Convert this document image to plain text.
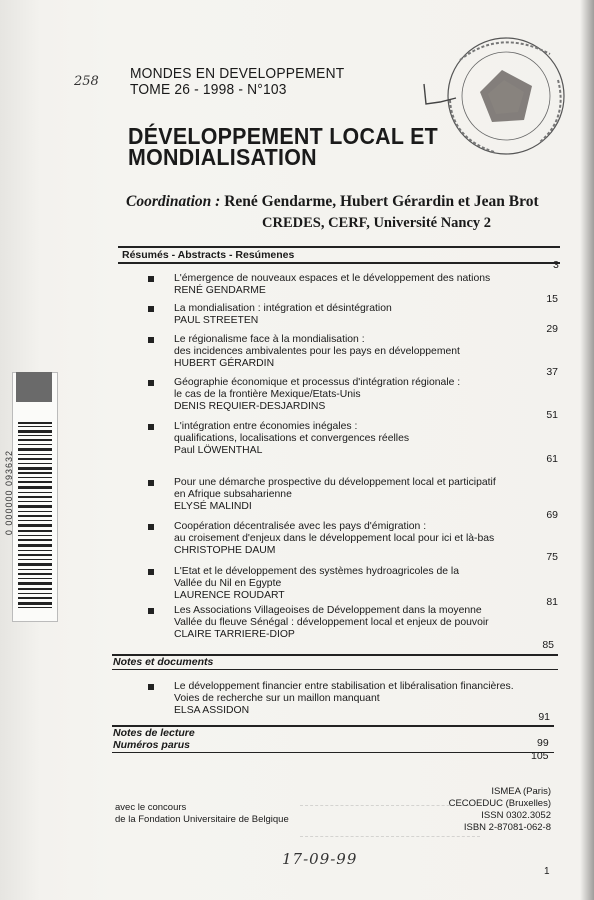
258 MONDES EN DEVELOPPEMENT
TOME 26 - 1998 - N°103
DÉVELOPPEMENT LOCAL ET
MONDIALISATION
Coordination : René Gendarme, Hubert Gérardin et Jean Brot
CREDES, CERF, Université Nancy 2
Résumés - Abstracts - Resúmenes
3
L'émergence de nouveaux espaces et le développement des nations
RENÉ GENDARME
15
La mondialisation : intégration et désintégration
PAUL STREETEN
29
Le régionalisme face à la mondialisation :
des incidences ambivalentes pour les pays en développement
HUBERT GÉRARDIN
37
Géographie économique et processus d'intégration régionale :
le cas de la frontière Mexique/Etats-Unis
DENIS REQUIER-DESJARDINS
51
L'intégration entre économies inégales :
qualifications, localisations et convergences réelles
Paul LÖWENTHAL
61
Pour une démarche prospective du développement local et participatif
en Afrique subsaharienne
ELYSÉ MALINDI
69
Coopération décentralisée avec les pays d'émigration :
au croisement d'enjeux dans le développement local pour ici et là-bas
CHRISTOPHE DAUM
75
L'Etat et le développement des systèmes hydroagricoles de la
Vallée du Nil en Egypte
LAURENCE ROUDART
81
Les Associations Villageoises de Développement dans la moyenne
Vallée du fleuve Sénégal : développement local et enjeux de pouvoir
CLAIRE TARRIERE-DIOP
85
Notes et documents
Le développement financier entre stabilisation et libéralisation financières.
Voies de recherche sur un maillon manquant
ELSA ASSIDON
91
Notes de lecture
99
Numéros parus
105
0 000000 093632
avec le concours
de la Fondation Universitaire de Belgique
ISMEA (Paris)
CECOEDUC (Bruxelles)
ISSN 0302.3052
ISBN 2-87081-062-8
17-09-99
1
